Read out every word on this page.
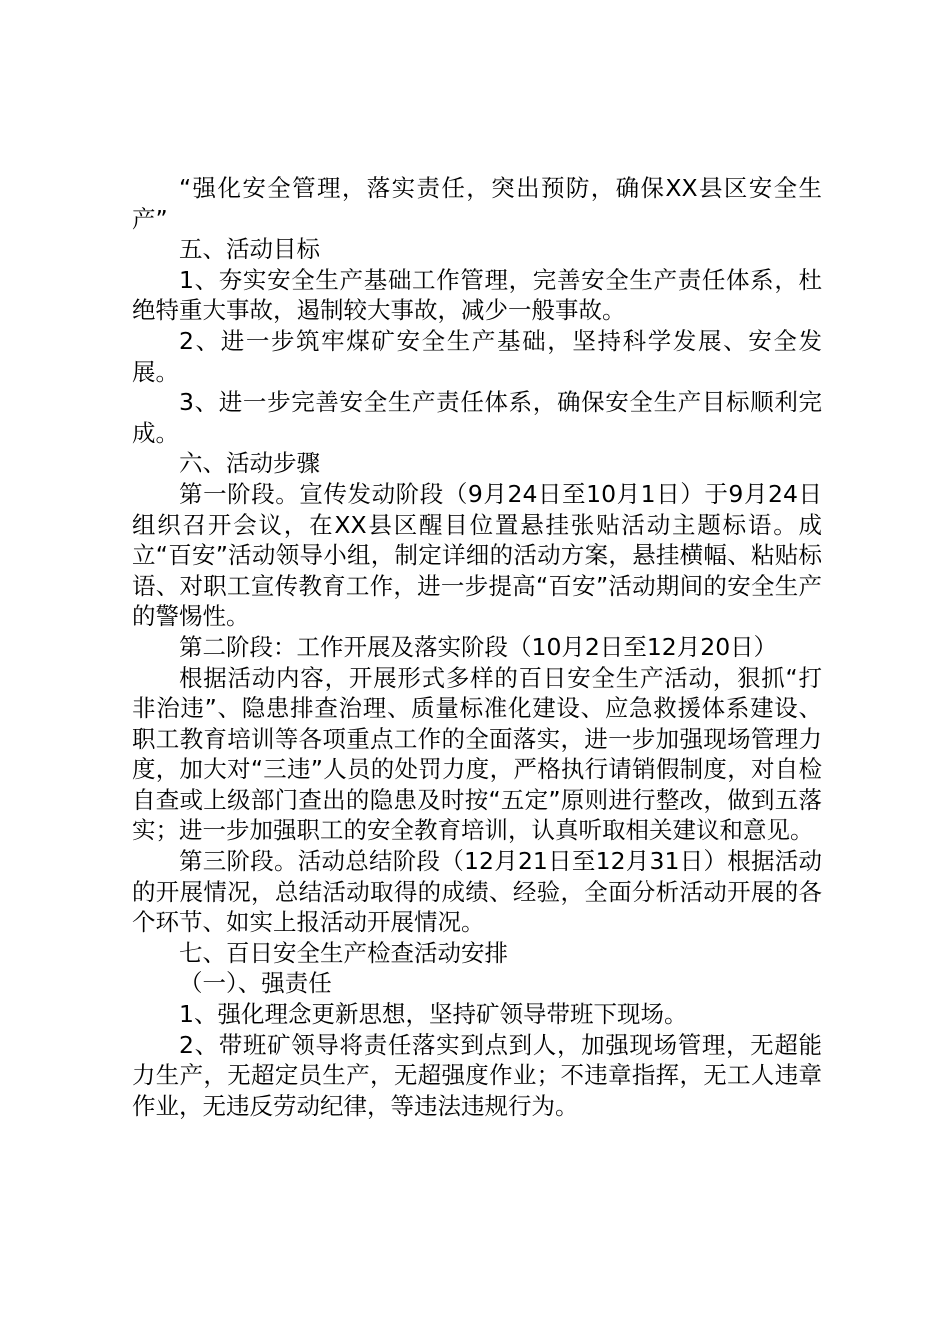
“强化安全管理，落实责任，突出预防，确保XX县区安全生产”

五、活动目标

1、夯实安全生产基础工作管理，完善安全生产责任体系，杜绝特重大事故，遏制较大事故，减少一般事故。

2、进一步筑牢煤矿安全生产基础，坚持科学发展、安全发展。

3、进一步完善安全生产责任体系，确保安全生产目标顺利完成。

六、活动步骤

第一阶段。宣传发动阶段（9月24日至10月1日）于9月24日组织召开会议，在XX县区醒目位置悬挂张贴活动主题标语。成立“百安”活动领导小组，制定详细的活动方案，悬挂横幅、粘贴标语、对职工宣传教育工作，进一步提高“百安”活动期间的安全生产的警惕性。

第二阶段：工作开展及落实阶段（10月2日至12月20日）

根据活动内容，开展形式多样的百日安全生产活动，狠抓“打非治违”、隐患排查治理、质量标准化建设、应急救援体系建设、职工教育培训等各项重点工作的全面落实，进一步加强现场管理力度，加大对“三违”人员的处罚力度，严格执行请销假制度，对自检自查或上级部门查出的隐患及时按“五定”原则进行整改，做到五落实；进一步加强职工的安全教育培训，认真听取相关建议和意见。

第三阶段。活动总结阶段（12月21日至12月31日）根据活动的开展情况，总结活动取得的成绩、经验，全面分析活动开展的各个环节、如实上报活动开展情况。

七、百日安全生产检查活动安排

（一）、强责任

1、强化理念更新思想，坚持矿领导带班下现场。

2、带班矿领导将责任落实到点到人，加强现场管理，无超能力生产，无超定员生产，无超强度作业；不违章指挥，无工人违章作业，无违反劳动纪律，等违法违规行为。
